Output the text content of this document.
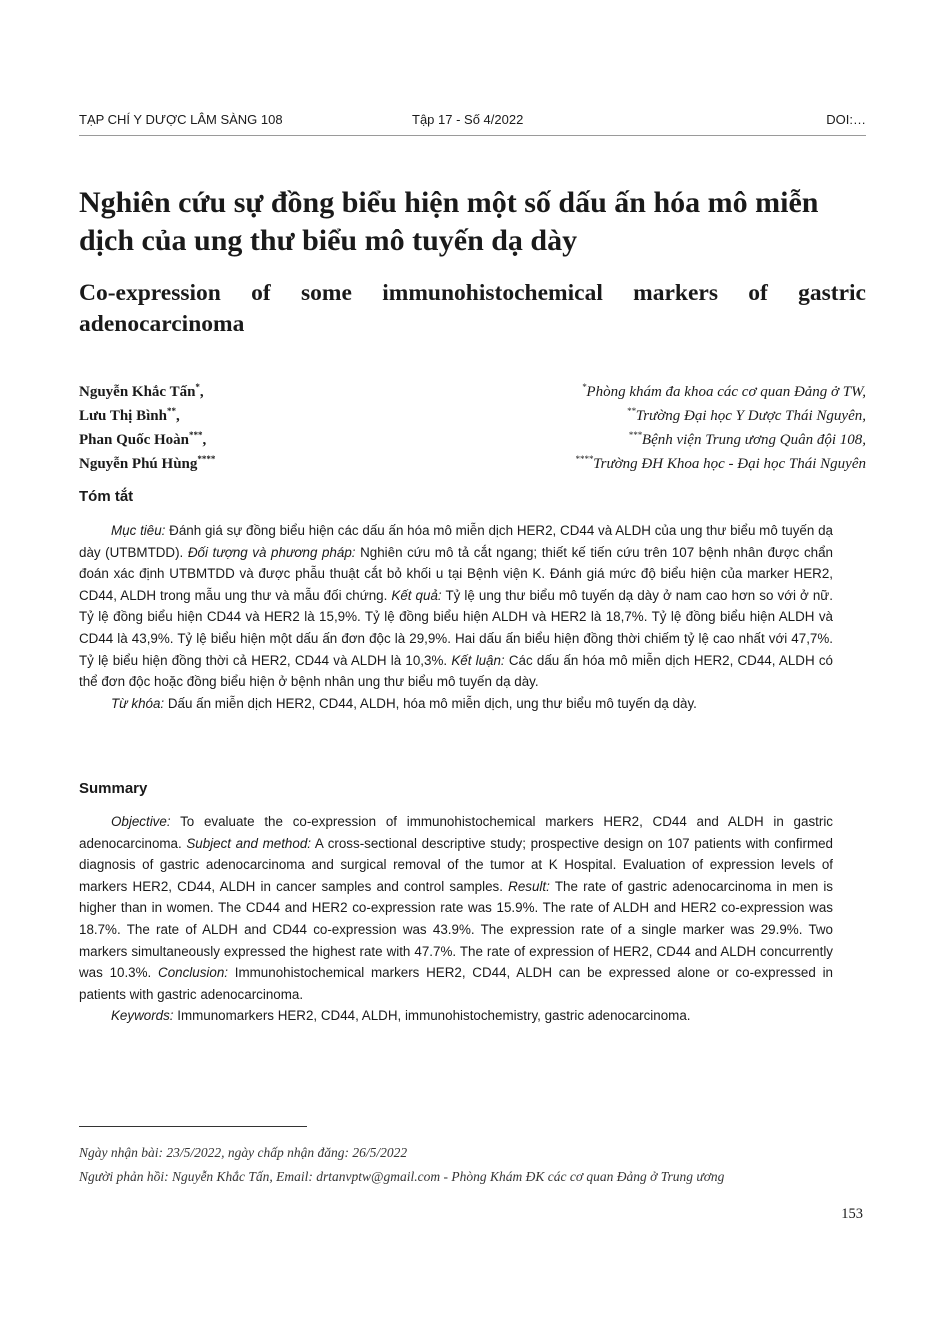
TẠP CHÍ Y DƯỢC LÂM SÀNG 108	Tập 17 - Số 4/2022	DOI:…
Nghiên cứu sự đồng biểu hiện một số dấu ấn hóa mô miễn dịch của ung thư biểu mô tuyến dạ dày
Co-expression of some immunohistochemical markers of gastric adenocarcinoma
Nguyễn Khắc Tấn*,	*Phòng khám đa khoa các cơ quan Đảng ở TW,
Lưu Thị Bình**,	**Trường Đại học Y Dược Thái Nguyên,
Phan Quốc Hoàn***,	***Bệnh viện Trung ương Quân đội 108,
Nguyễn Phú Hùng****	****Trường ĐH Khoa học - Đại học Thái Nguyên
Tóm tắt

Mục tiêu: Đánh giá sự đồng biểu hiện các dấu ấn hóa mô miễn dịch HER2, CD44 và ALDH của ung thư biểu mô tuyến dạ dày (UTBMTDD). Đối tượng và phương pháp: Nghiên cứu mô tả cắt ngang; thiết kế tiến cứu trên 107 bệnh nhân được chẩn đoán xác định UTBMTDD và được phẫu thuật cắt bỏ khối u tại Bệnh viện K. Đánh giá mức độ biểu hiện của marker HER2, CD44, ALDH trong mẫu ung thư và mẫu đối chứng. Kết quả: Tỷ lệ ung thư biểu mô tuyến dạ dày ở nam cao hơn so với ở nữ. Tỷ lệ đồng biểu hiện CD44 và HER2 là 15,9%. Tỷ lệ đồng biểu hiện ALDH và HER2 là 18,7%. Tỷ lệ đồng biểu hiện ALDH và CD44 là 43,9%. Tỷ lệ biểu hiện một dấu ấn đơn độc là 29,9%. Hai dấu ấn biểu hiện đồng thời chiếm tỷ lệ cao nhất với 47,7%. Tỷ lệ biểu hiện đồng thời cả HER2, CD44 và ALDH là 10,3%. Kết luận: Các dấu ấn hóa mô miễn dịch HER2, CD44, ALDH có thể đơn độc hoặc đồng biểu hiện ở bệnh nhân ung thư biểu mô tuyến dạ dày.

Từ khóa: Dấu ấn miễn dịch HER2, CD44, ALDH, hóa mô miễn dịch, ung thư biểu mô tuyến dạ dày.

Summary

Objective: To evaluate the co-expression of immunohistochemical markers HER2, CD44 and ALDH in gastric adenocarcinoma. Subject and method: A cross-sectional descriptive study; prospective design on 107 patients with confirmed diagnosis of gastric adenocarcinoma and surgical removal of the tumor at K Hospital. Evaluation of expression levels of markers HER2, CD44, ALDH in cancer samples and control samples. Result: The rate of gastric adenocarcinoma in men is higher than in women. The CD44 and HER2 co-expression rate was 15.9%. The rate of ALDH and HER2 co-expression was 18.7%. The rate of ALDH and CD44 co-expression was 43.9%. The expression rate of a single marker was 29.9%. Two markers simultaneously expressed the highest rate with 47.7%. The rate of expression of HER2, CD44 and ALDH concurrently was 10.3%. Conclusion: Immunohistochemical markers HER2, CD44, ALDH can be expressed alone or co-expressed in patients with gastric adenocarcinoma.

Keywords: Immunomarkers HER2, CD44, ALDH, immunohistochemistry, gastric adenocarcinoma.

Ngày nhận bài: 23/5/2022, ngày chấp nhận đăng: 26/5/2022
Người phản hồi: Nguyễn Khắc Tấn, Email: drtanvptw@gmail.com - Phòng Khám ĐK các cơ quan Đảng ở Trung ương
153
